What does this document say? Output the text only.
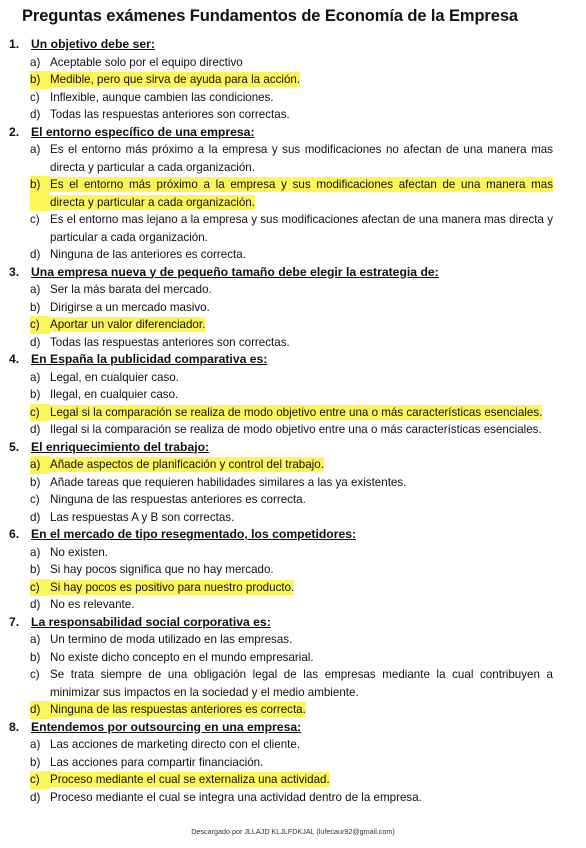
Preguntas exámenes Fundamentos de Economía de la Empresa
1. Un objetivo debe ser:
a) Aceptable solo por el equipo directivo
b) Medible, pero que sirva de ayuda para la acción.
c) Inflexible, aunque cambien las condiciones.
d) Todas las respuestas anteriores son correctas.
2. El entorno específico de una empresa:
a) Es el entorno más próximo a la empresa y sus modificaciones no afectan de una manera mas directa y particular a cada organización.
b) Es el entorno más próximo a la empresa y sus modificaciones afectan de una manera mas directa y particular a cada organización.
c) Es el entorno mas lejano a la empresa y sus modificaciones afectan de una manera mas directa y particular a cada organización.
d) Ninguna de las anteriores es correcta.
3. Una empresa nueva y de pequeño tamaño debe elegir la estrategia de:
a) Ser la más barata del mercado.
b) Dirigirse a un mercado masivo.
c) Aportar un valor diferenciador.
d) Todas las respuestas anteriores son correctas.
4. En España la publicidad comparativa es:
a) Legal, en cualquier caso.
b) Ilegal, en cualquier caso.
c) Legal si la comparación se realiza de modo objetivo entre una o más características esenciales.
d) Ilegal si la comparación se realiza de modo objetivo entre una o más características esenciales.
5. El enriquecimiento del trabajo:
a) Añade aspectos de planificación y control del trabajo.
b) Añade tareas que requieren habilidades similares a las ya existentes.
c) Ninguna de las respuestas anteriores es correcta.
d) Las respuestas A y B son correctas.
6. En el mercado de tipo resegmentado, los competidores:
a) No existen.
b) Si hay pocos significa que no hay mercado.
c) Si hay pocos es positivo para nuestro producto.
d) No es relevante.
7. La responsabilidad social corporativa es:
a) Un termino de moda utilizado en las empresas.
b) No existe dicho concepto en el mundo empresarial.
c) Se trata siempre de una obligación legal de las empresas mediante la cual contribuyen a minimizar sus impactos en la sociedad y el medio ambiente.
d) Ninguna de las respuestas anteriores es correcta.
8. Entendemos por outsourcing en una empresa:
a) Las acciones de marketing directo con el cliente.
b) Las acciones para compartir financiación.
c) Proceso mediante el cual se externaliza una actividad.
d) Proceso mediante el cual se integra una actividad dentro de la empresa.
Descargado por JLLAJD KLJLFDKJAL (lufecaur92@gmail.com)
